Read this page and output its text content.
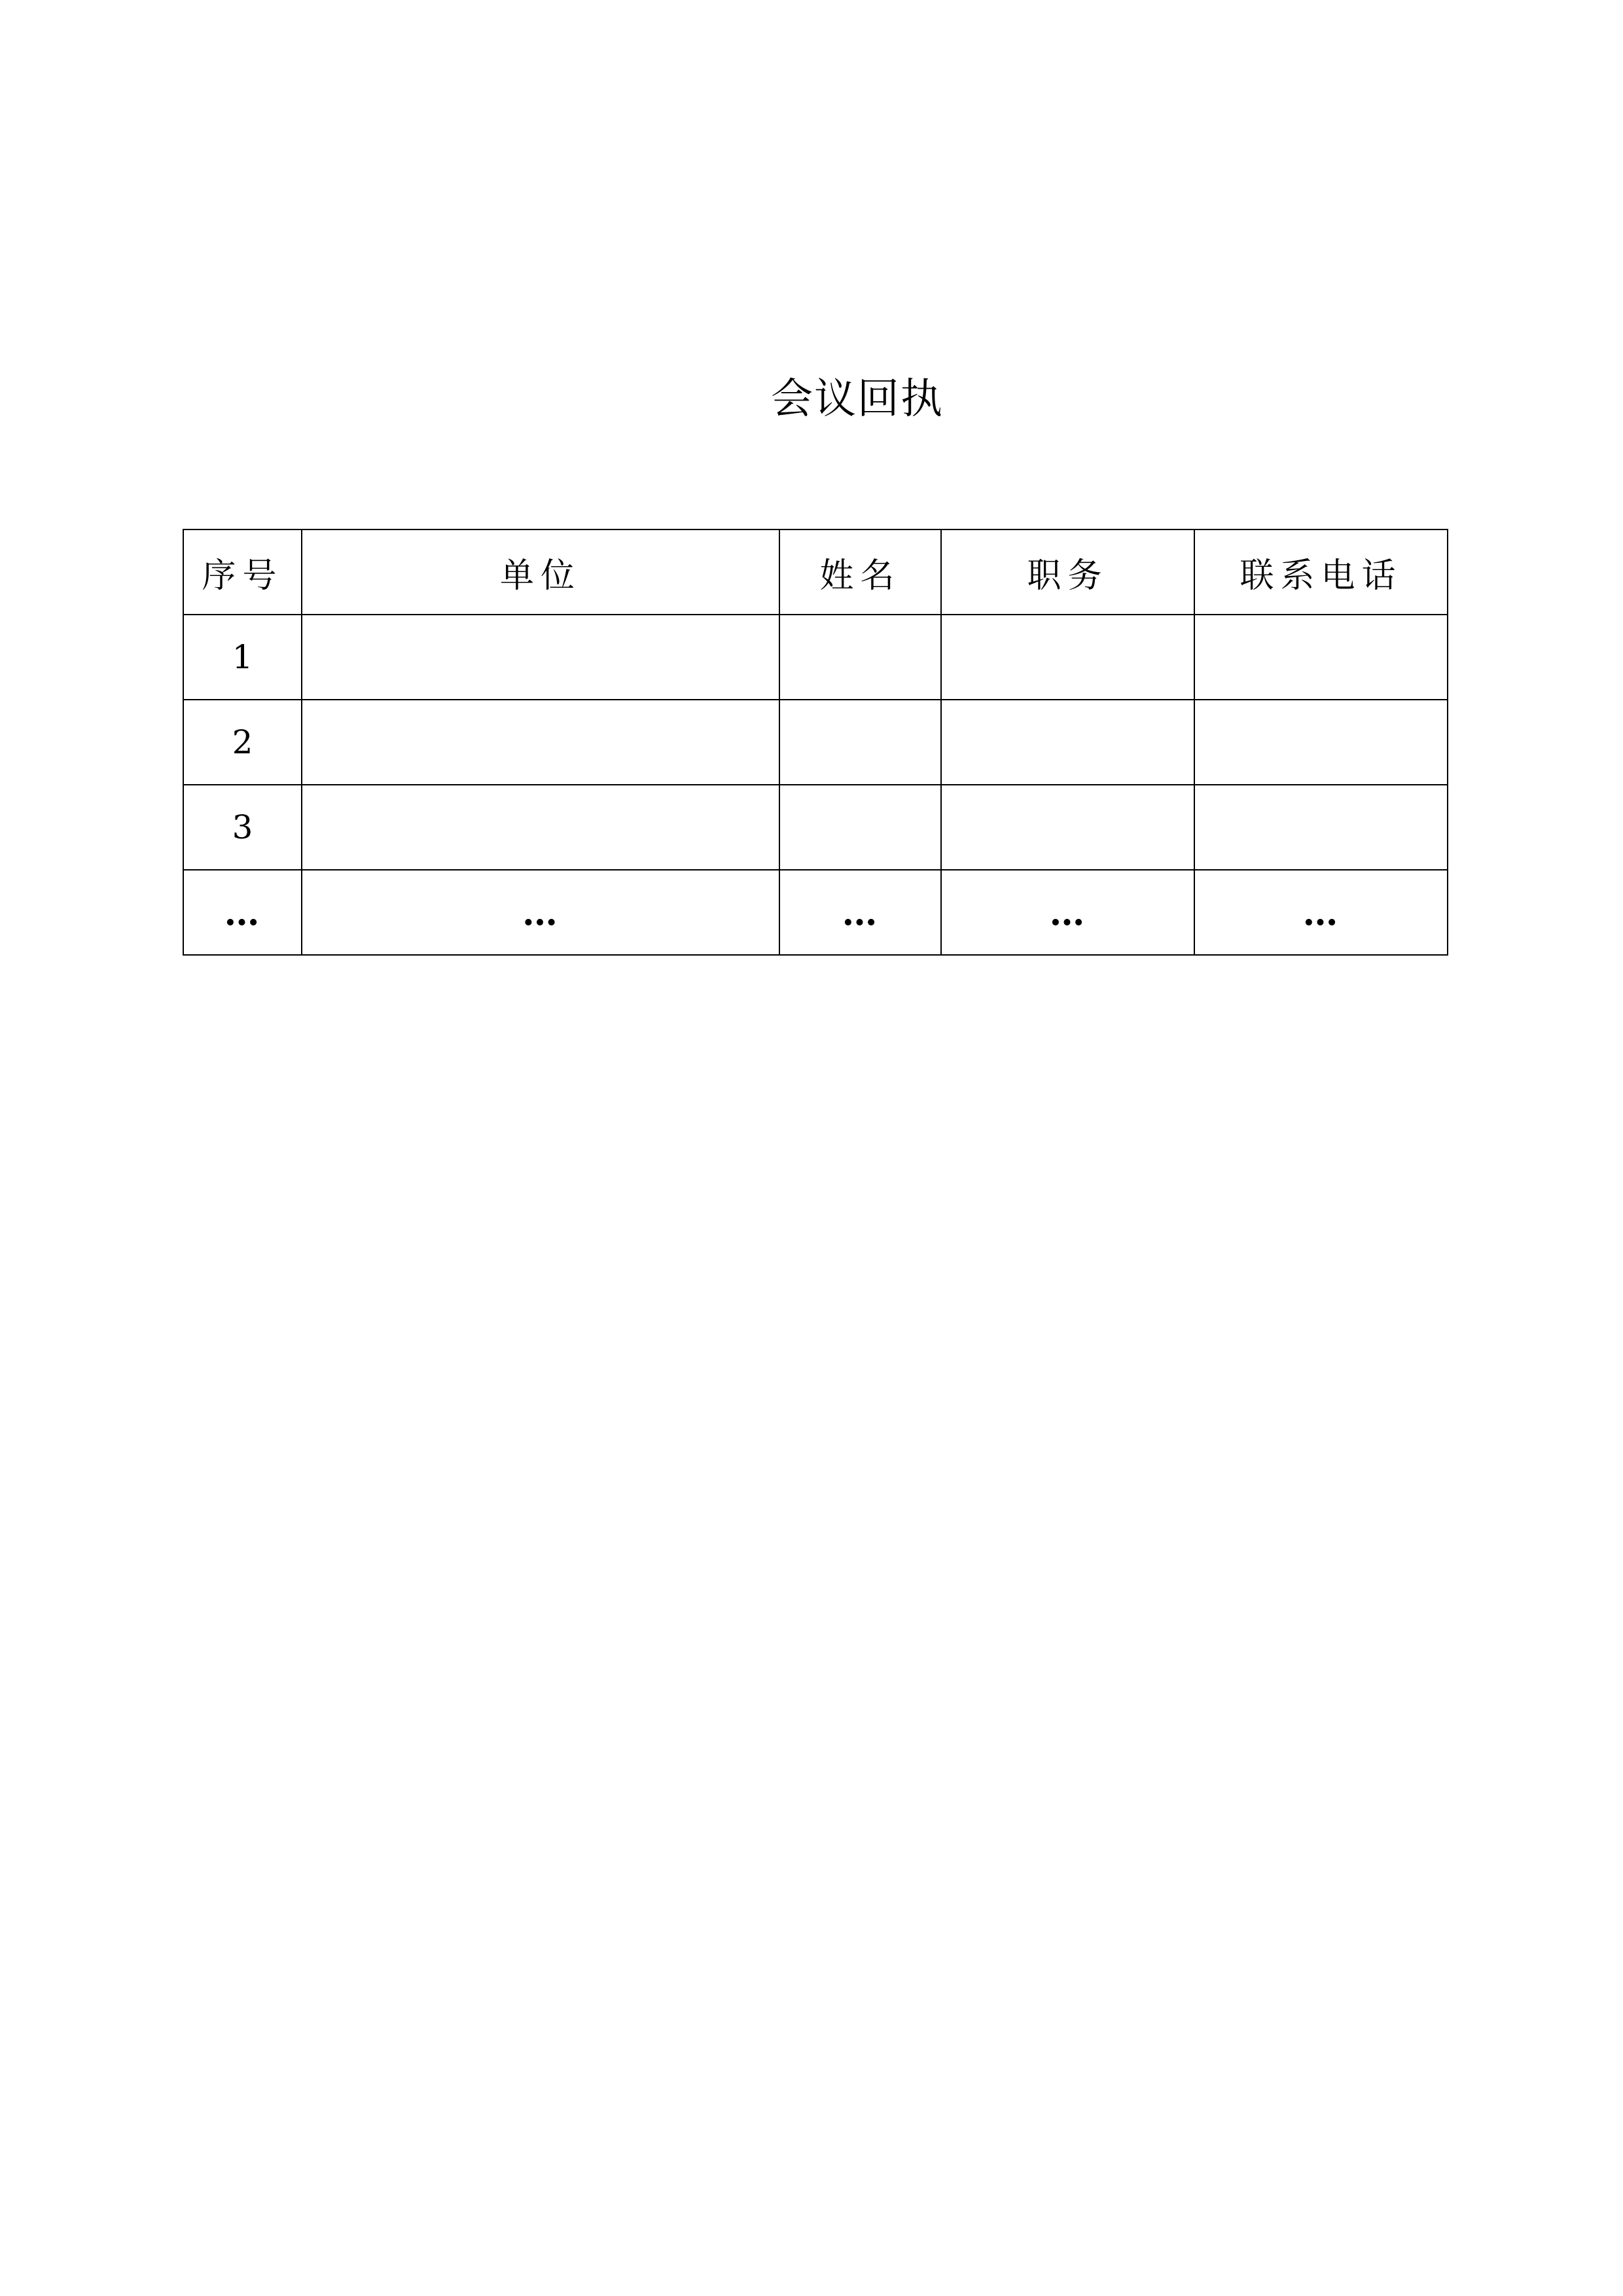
会议回执
序号	单位	姓名	职务	联系电话
1				
2				
3				
…	…	…	…	…
